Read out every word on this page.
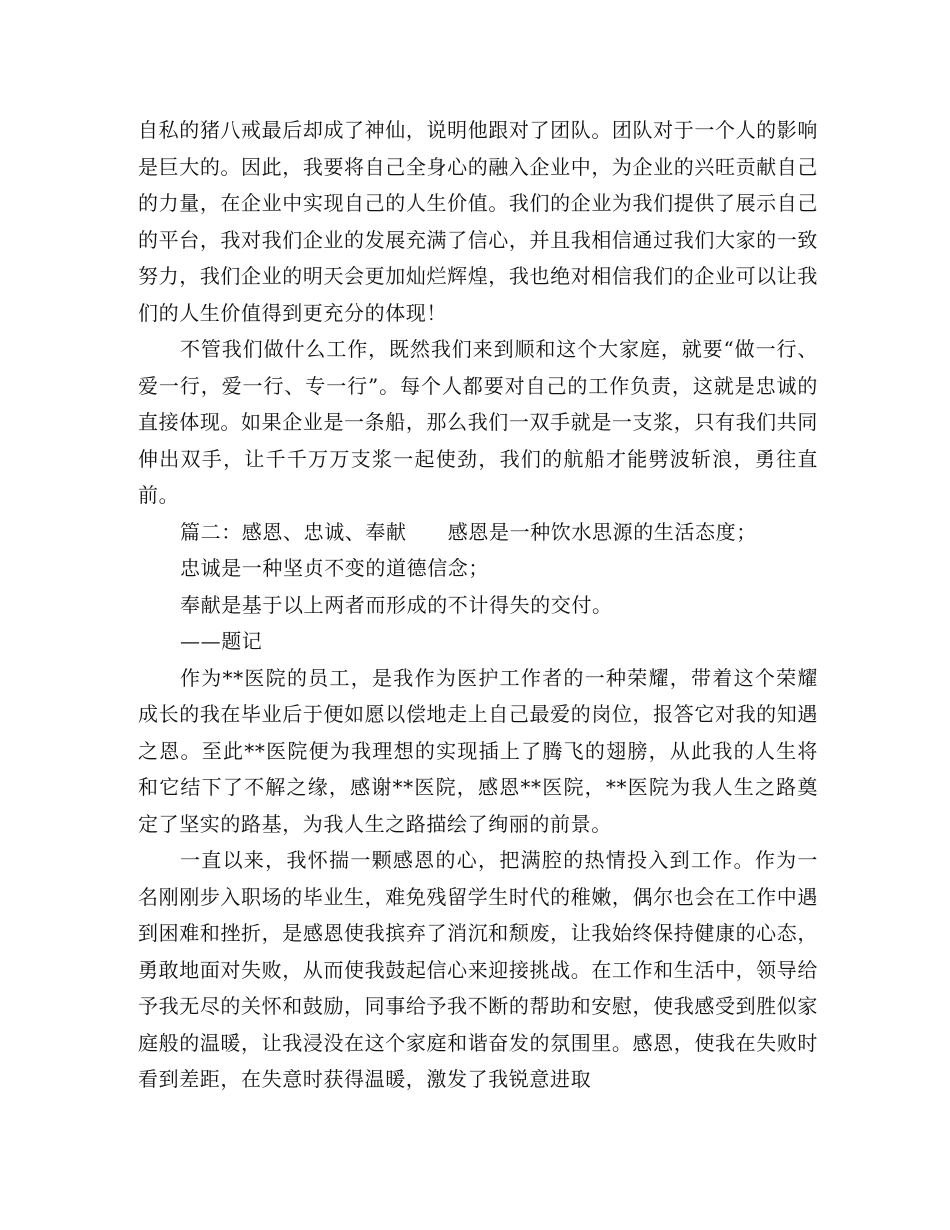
自私的猪八戒最后却成了神仙，说明他跟对了团队。团队对于一个人的影响是巨大的。因此，我要将自己全身心的融入企业中，为企业的兴旺贡献自己的力量，在企业中实现自己的人生价值。我们的企业为我们提供了展示自己的平台，我对我们企业的发展充满了信心，并且我相信通过我们大家的一致努力，我们企业的明天会更加灿烂辉煌，我也绝对相信我们的企业可以让我们的人生价值得到更充分的体现！

不管我们做什么工作，既然我们来到顺和这个大家庭，就要“做一行、爱一行，爱一行、专一行”。每个人都要对自己的工作负责，这就是忠诚的直接体现。如果企业是一条船，那么我们一双手就是一支浆，只有我们共同伸出双手，让千千万万支浆一起使劲，我们的航船才能劈波斩浪，勇往直前。

篇二：感恩、忠诚、奉献　　感恩是一种饮水思源的生活态度；

忠诚是一种坚贞不变的道德信念；

奉献是基于以上两者而形成的不计得失的交付。

——题记

作为**医院的员工，是我作为医护工作者的一种荣耀，带着这个荣耀成长的我在毕业后于便如愿以偿地走上自己最爱的岗位，报答它对我的知遇之恩。至此**医院便为我理想的实现插上了腾飞的翅膀，从此我的人生将和它结下了不解之缘，感谢**医院，感恩**医院，**医院为我人生之路奠定了坚实的路基，为我人生之路描绘了绚丽的前景。

一直以来，我怀揣一颗感恩的心，把满腔的热情投入到工作。作为一名刚刚步入职场的毕业生，难免残留学生时代的稚嫩，偶尔也会在工作中遇到困难和挫折，是感恩使我摈弃了消沉和颓废，让我始终保持健康的心态，勇敢地面对失败，从而使我鼓起信心来迎接挑战。在工作和生活中，领导给予我无尽的关怀和鼓励，同事给予我不断的帮助和安慰，使我感受到胜似家庭般的温暖，让我浸没在这个家庭和谐奋发的氛围里。感恩，使我在失败时看到差距，在失意时获得温暖，激发了我锐意进取
